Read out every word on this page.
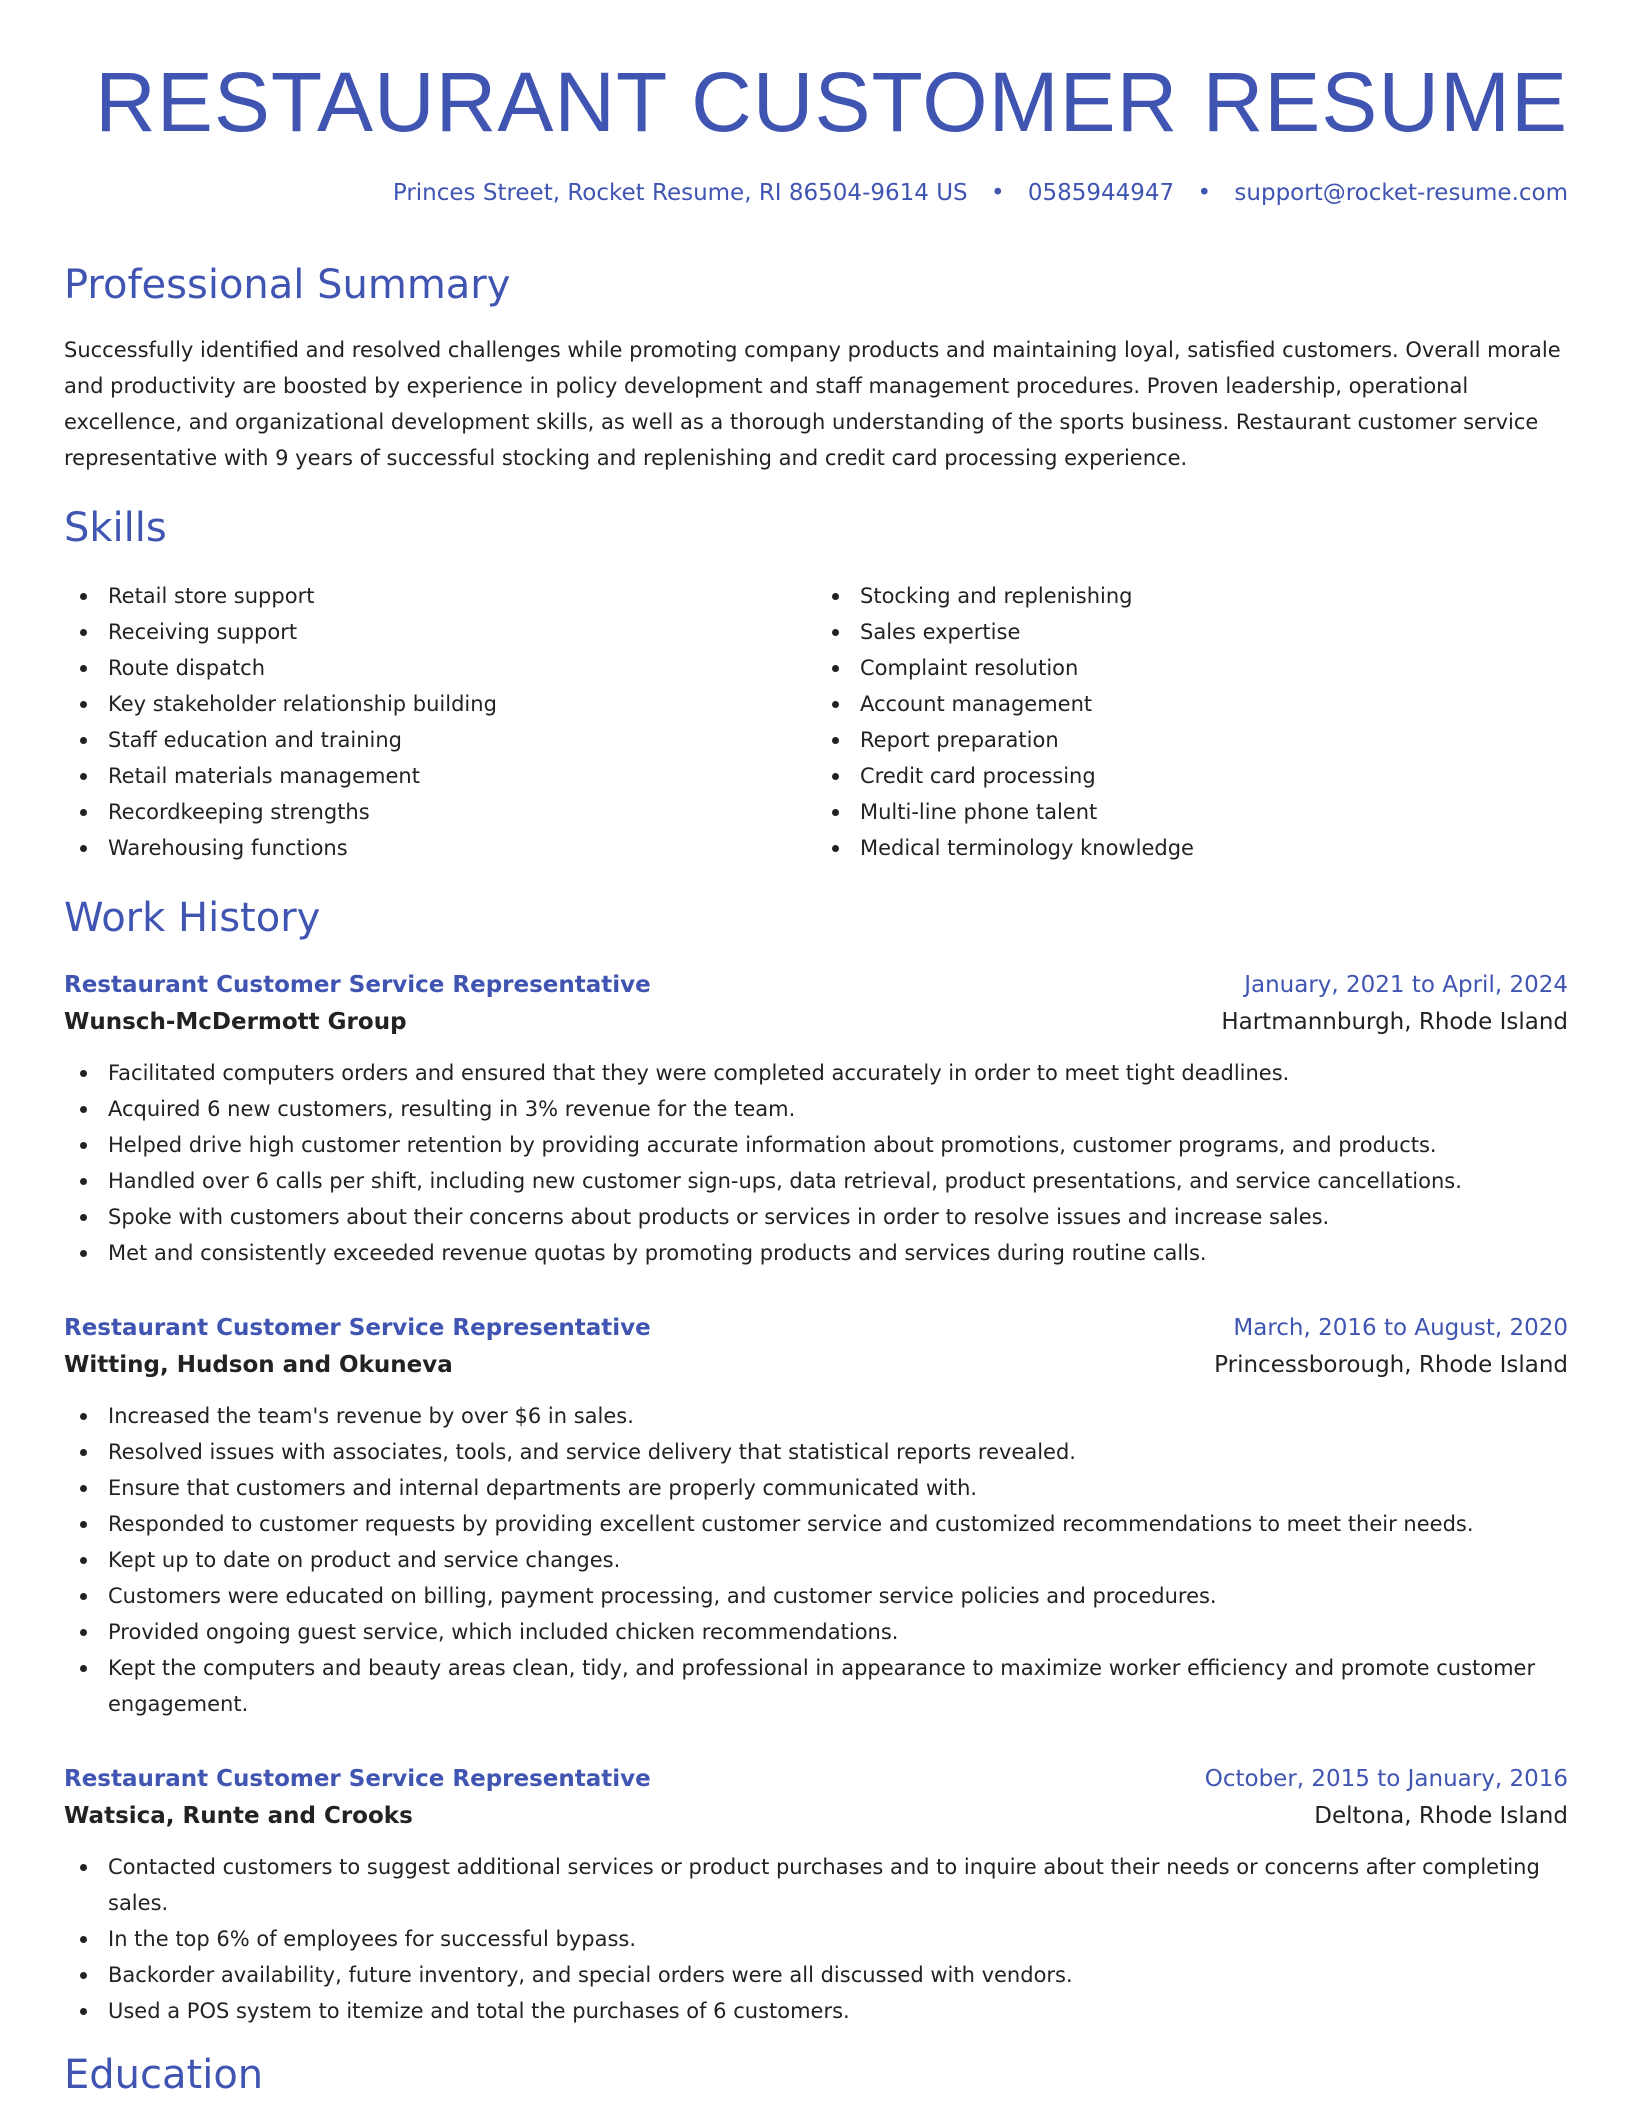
RESTAURANT CUSTOMER RESUME
Princes Street, Rocket Resume, RI 86504-9614 US • 0585944947 • support@rocket-resume.com
Professional Summary

Successfully identified and resolved challenges while promoting company products and maintaining loyal, satisfied customers. Overall morale and productivity are boosted by experience in policy development and staff management procedures. Proven leadership, operational excellence, and organizational development skills, as well as a thorough understanding of the sports business. Restaurant customer service representative with 9 years of successful stocking and replenishing and credit card processing experience.

Skills
Retail store support
Receiving support
Route dispatch
Key stakeholder relationship building
Staff education and training
Retail materials management
Recordkeeping strengths
Warehousing functions
Stocking and replenishing
Sales expertise
Complaint resolution
Account management
Report preparation
Credit card processing
Multi-line phone talent
Medical terminology knowledge
Work History
Restaurant Customer Service Representative	January, 2021 to April, 2024
Wunsch-McDermott Group	Hartmannburgh, Rhode Island
Facilitated computers orders and ensured that they were completed accurately in order to meet tight deadlines.
Acquired 6 new customers, resulting in 3% revenue for the team.
Helped drive high customer retention by providing accurate information about promotions, customer programs, and products.
Handled over 6 calls per shift, including new customer sign-ups, data retrieval, product presentations, and service cancellations.
Spoke with customers about their concerns about products or services in order to resolve issues and increase sales.
Met and consistently exceeded revenue quotas by promoting products and services during routine calls.
Restaurant Customer Service Representative	March, 2016 to August, 2020
Witting, Hudson and Okuneva	Princessborough, Rhode Island
Increased the team's revenue by over $6 in sales.
Resolved issues with associates, tools, and service delivery that statistical reports revealed.
Ensure that customers and internal departments are properly communicated with.
Responded to customer requests by providing excellent customer service and customized recommendations to meet their needs.
Kept up to date on product and service changes.
Customers were educated on billing, payment processing, and customer service policies and procedures.
Provided ongoing guest service, which included chicken recommendations.
Kept the computers and beauty areas clean, tidy, and professional in appearance to maximize worker efficiency and promote customer engagement.
Restaurant Customer Service Representative	October, 2015 to January, 2016
Watsica, Runte and Crooks	Deltona, Rhode Island
Contacted customers to suggest additional services or product purchases and to inquire about their needs or concerns after completing sales.
In the top 6% of employees for successful bypass.
Backorder availability, future inventory, and special orders were all discussed with vendors.
Used a POS system to itemize and total the purchases of 6 customers.
Education
